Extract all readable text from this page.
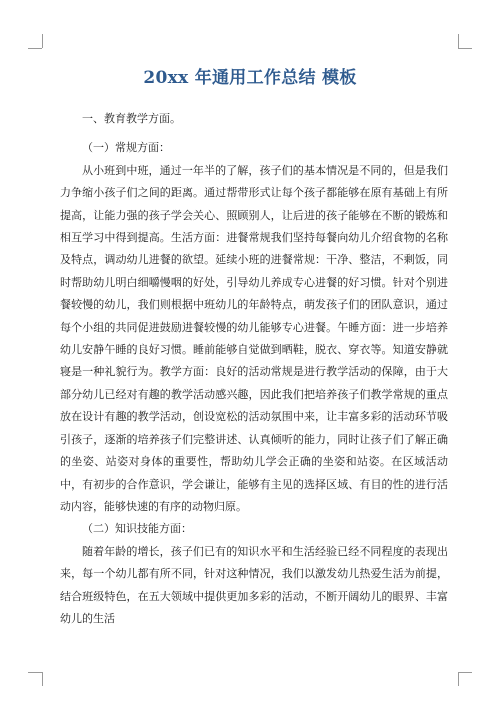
20xx 年通用工作总结 模板

一、教育教学方面。

（一）常规方面：

从小班到中班，通过一年半的了解，孩子们的基本情况是不同的，但是我们力争缩小孩子们之间的距离。通过帮带形式让每个孩子都能够在原有基础上有所提高，让能力强的孩子学会关心、照顾别人，让后进的孩子能够在不断的锻炼和相互学习中得到提高。生活方面：进餐常规我们坚持每餐向幼儿介绍食物的名称及特点，调动幼儿进餐的欲望。延续小班的进餐常规：干净、整洁，不剩饭，同时帮助幼儿明白细嚼慢咽的好处，引导幼儿养成专心进餐的好习惯。针对个别进餐较慢的幼儿，我们则根据中班幼儿的年龄特点，萌发孩子们的团队意识，通过每个小组的共同促进鼓励进餐较慢的幼儿能够专心进餐。午睡方面：进一步培养幼儿安静午睡的良好习惯。睡前能够自觉做到晒鞋，脱衣、穿衣等。知道安静就寝是一种礼貌行为。教学方面：良好的活动常规是进行教学活动的保障，由于大部分幼儿已经对有趣的教学活动感兴趣，因此我们把培养孩子们教学常规的重点放在设计有趣的教学活动，创设宽松的活动氛围中来，让丰富多彩的活动环节吸引孩子，逐渐的培养孩子们完整讲述、认真倾听的能力，同时让孩子们了解正确的坐姿、站姿对身体的重要性，帮助幼儿学会正确的坐姿和站姿。在区域活动中，有初步的合作意识，学会谦让，能够有主见的选择区域、有目的性的进行活动内容，能够快速的有序的动物归原。

（二）知识技能方面：

随着年龄的增长，孩子们已有的知识水平和生活经验已经不同程度的表现出来，每一个幼儿都有所不同，针对这种情况，我们以激发幼儿热爱生活为前提，结合班级特色，在五大领域中提供更加多彩的活动，不断开阔幼儿的眼界、丰富幼儿的生活
